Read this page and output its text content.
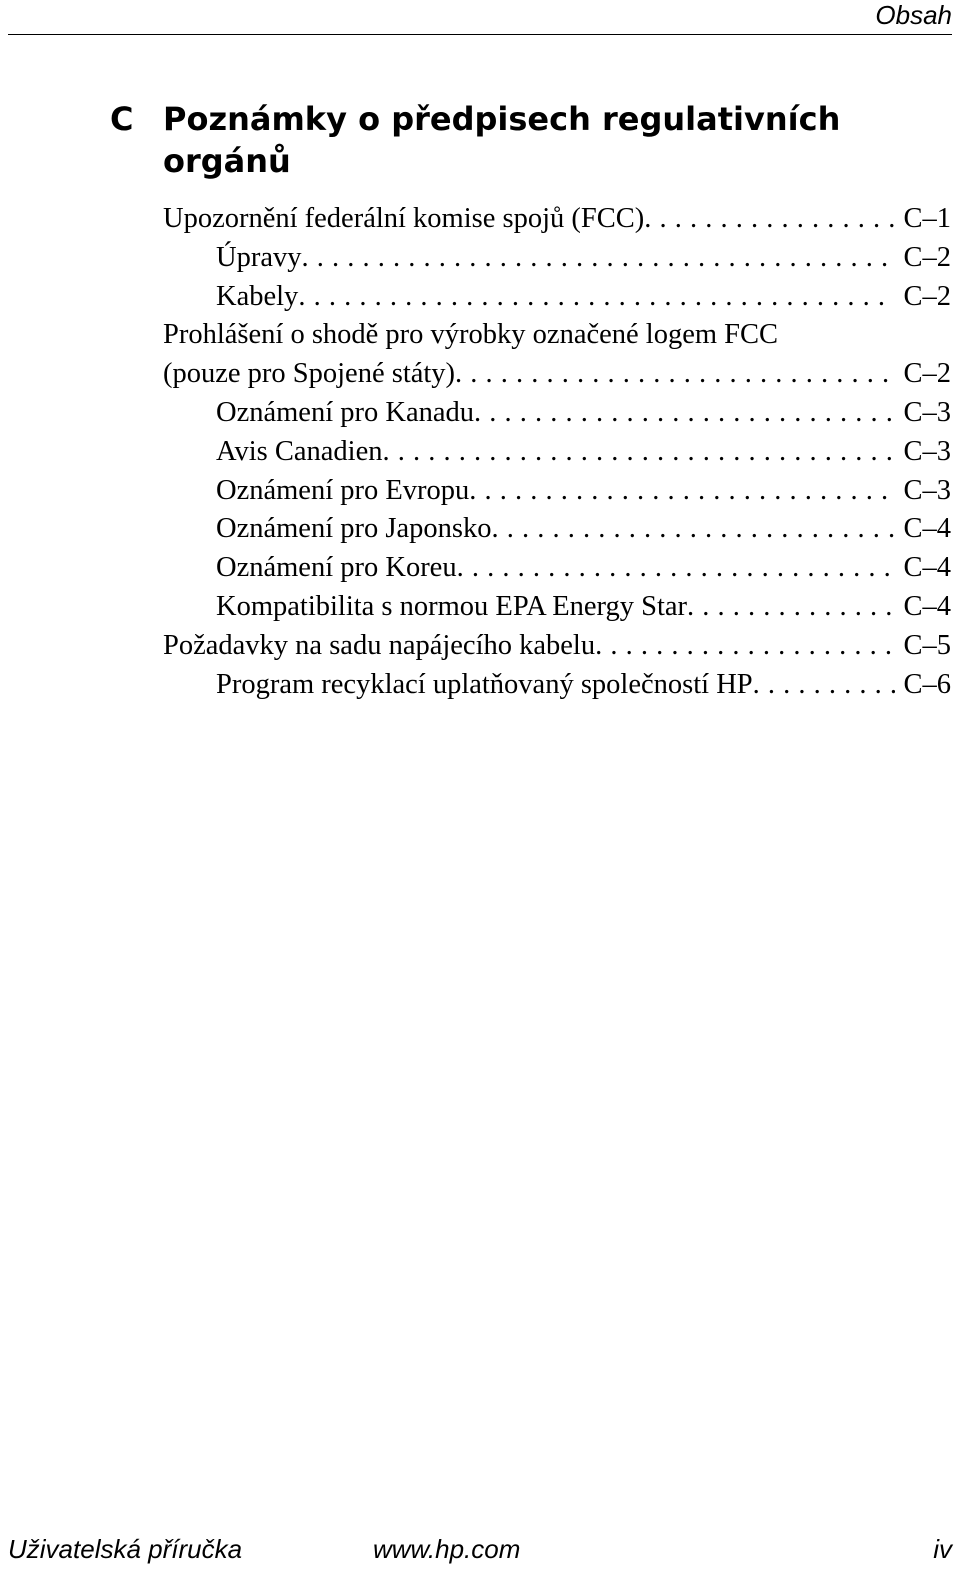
Obsah
C Poznámky o předpisech regulativních orgánů
Upozornění federální komise spojů (FCC) . . .	C–1
Úpravy . . .	C–2
Kabely . . .	C–2
Prohlášení o shodě pro výrobky označené logem FCC
(pouze pro Spojené státy) . . .	C–2
Oznámení pro Kanadu . . .	C–3
Avis Canadien . . .	C–3
Oznámení pro Evropu . . .	C–3
Oznámení pro Japonsko . . .	C–4
Oznámení pro Koreu . . .	C–4
Kompatibilita s normou EPA Energy Star . . .	C–4
Požadavky na sadu napájecího kabelu . . .	C–5
Program recyklací uplatňovaný společností HP . . .	C–6
Uživatelská příručka	www.hp.com	iv
